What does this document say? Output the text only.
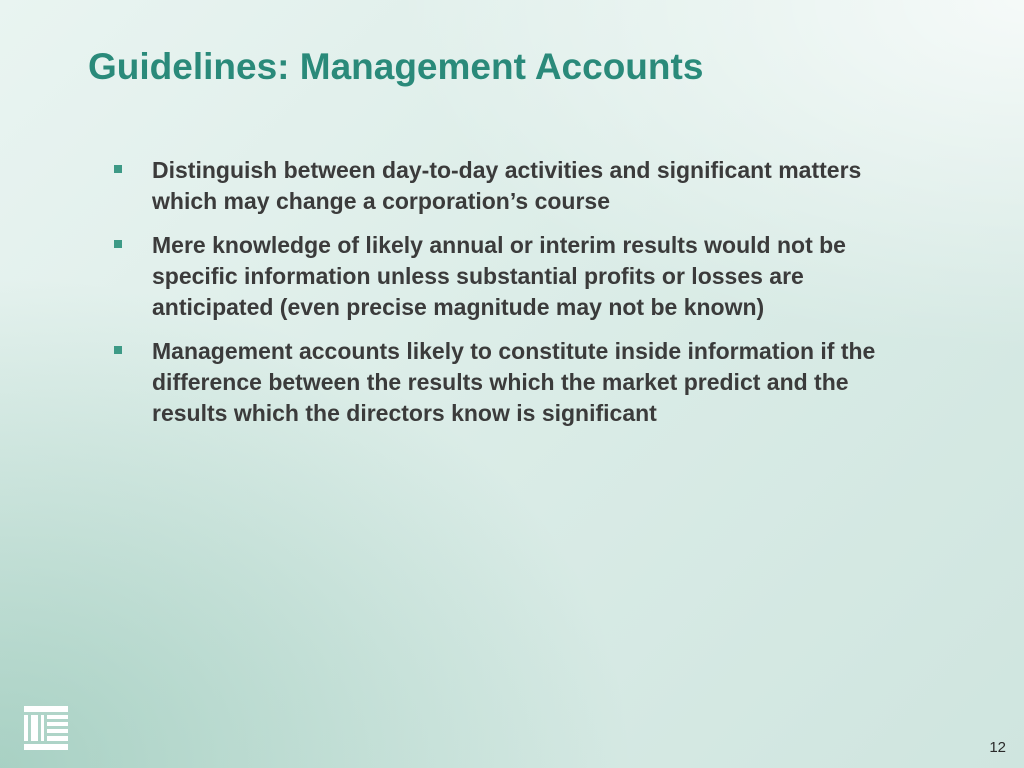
Guidelines: Management Accounts
Distinguish between day-to-day activities and significant matters which may change a corporation’s course
Mere knowledge of likely annual or interim results would not be specific information unless substantial profits or losses are anticipated (even precise magnitude may not be known)
Management accounts likely to constitute inside information if the difference between the results which the market predict and the results which the directors know is significant
12
